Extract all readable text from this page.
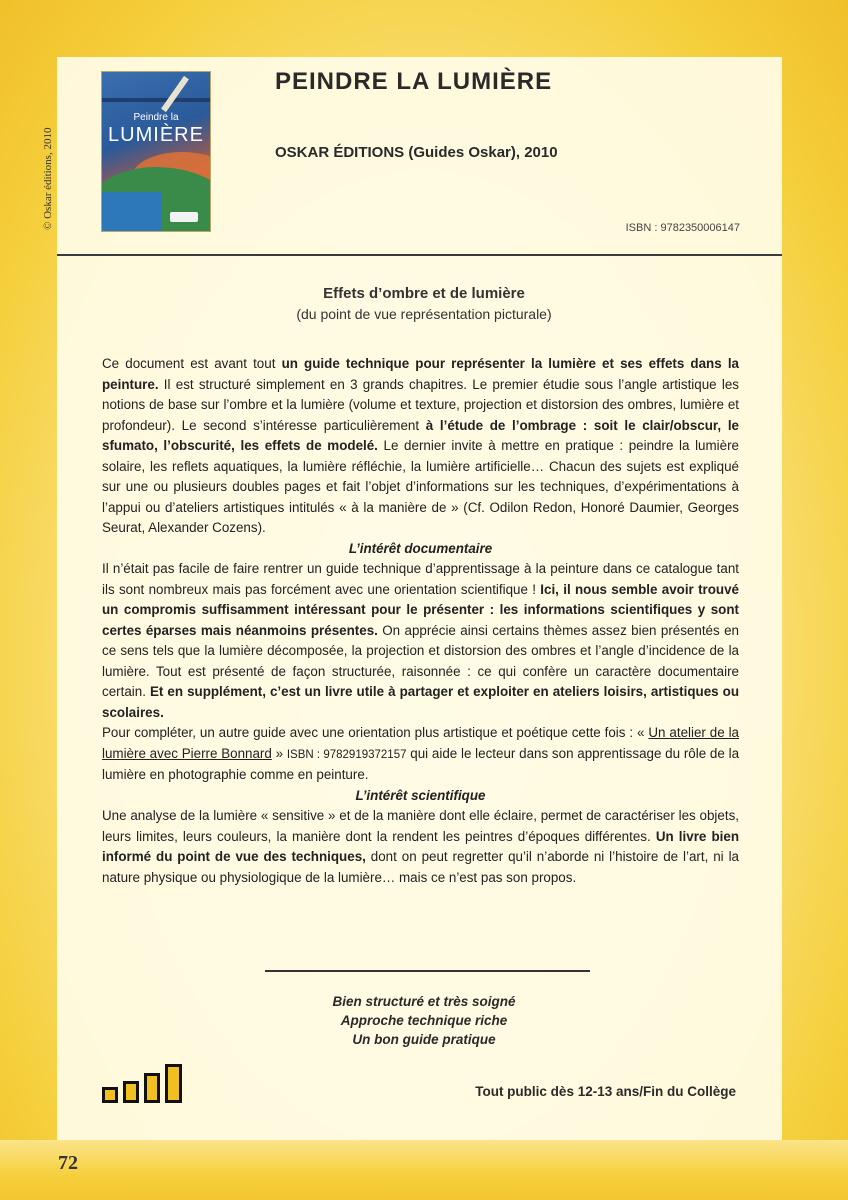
© Oskar éditions, 2010
Peindre la
LUMIÈRE
PEINDRE LA LUMIÈRE
OSKAR ÉDITIONS (Guides Oskar), 2010
ISBN : 9782350006147
Effets d’ombre et de lumière
(du point de vue représentation picturale)

Ce document est avant tout un guide technique pour représenter la lumière et ses effets dans la peinture. Il est structuré simplement en 3 grands chapitres. Le premier étudie sous l’angle artistique les notions de base sur l’ombre et la lumière (volume et texture, projection et distorsion des ombres, lumière et profondeur). Le second s’intéresse particulièrement à l’étude de l’ombrage : soit le clair/obscur, le sfumato, l’obscurité, les effets de modelé. Le dernier invite à mettre en pratique : peindre la lumière solaire, les reflets aquatiques, la lumière réfléchie, la lumière artificielle… Chacun des sujets est expliqué sur une ou plusieurs doubles pages et fait l’objet d’informations sur les techniques, d’expérimentations à l’appui ou d’ateliers artistiques intitulés « à la manière de » (Cf. Odilon Redon, Honoré Daumier, Georges Seurat, Alexander Cozens).

L’intérêt documentaire

Il n’était pas facile de faire rentrer un guide technique d’apprentissage à la peinture dans ce catalogue tant ils sont nombreux mais pas forcément avec une orientation scientifique ! Ici, il nous semble avoir trouvé un compromis suffisamment intéressant pour le présenter : les informations scientifiques y sont certes éparses mais néanmoins présentes. On apprécie ainsi certains thèmes assez bien présentés en ce sens tels que la lumière décomposée, la projection et distorsion des ombres et l’angle d’incidence de la lumière. Tout est présenté de façon structurée, raisonnée : ce qui confère un caractère documentaire certain. Et en supplément, c’est un livre utile à partager et exploiter en ateliers loisirs, artistiques ou scolaires.

Pour compléter, un autre guide avec une orientation plus artistique et poétique cette fois : « Un atelier de la lumière avec Pierre Bonnard » ISBN : 9782919372157 qui aide le lecteur dans son apprentissage du rôle de la lumière en photographie comme en peinture.

L’intérêt scientifique

Une analyse de la lumière « sensitive » et de la manière dont elle éclaire, permet de caractériser les objets, leurs limites, leurs couleurs, la manière dont la rendent les peintres d’époques différentes. Un livre bien informé du point de vue des techniques, dont on peut regretter qu’il n’aborde ni l’histoire de l’art, ni la nature physique ou physiologique de la lumière… mais ce n’est pas son propos.

Bien structuré et très soigné
Approche technique riche
Un bon guide pratique
Tout public dès 12-13 ans/Fin du Collège
72
